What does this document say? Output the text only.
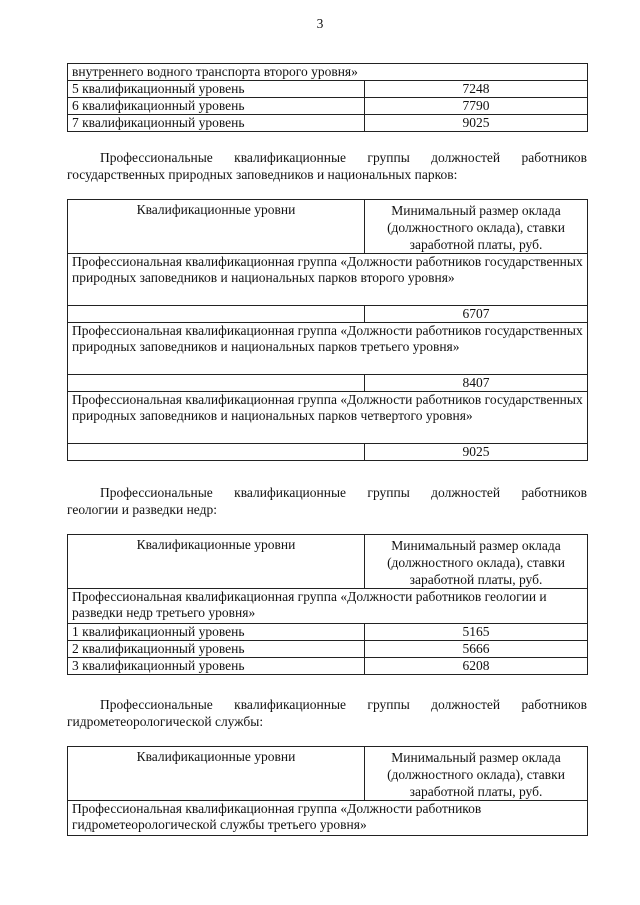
3
внутреннего водного транспорта второго уровня»	
5 квалификационный уровень	7248
6 квалификационный уровень	7790
7 квалификационный уровень	9025
Профессиональные квалификационные группы должностей работников
государственных природных заповедников и национальных парков:
Квалификационные уровни	Минимальный размер оклада (должностного оклада), ставки заработной платы, руб.
Профессиональная квалификационная группа «Должности работников государственных природных заповедников и национальных парков второго уровня»	
	6707
Профессиональная квалификационная группа «Должности работников государственных природных заповедников и национальных парков третьего уровня»	
	8407
Профессиональная квалификационная группа «Должности работников государственных природных заповедников и национальных парков четвертого уровня»	
	9025
Профессиональные квалификационные группы должностей работников
геологии и разведки недр:
Квалификационные уровни	Минимальный размер оклада (должностного оклада), ставки заработной платы, руб.
Профессиональная квалификационная группа «Должности работников геологии и разведки недр третьего уровня»	
1 квалификационный уровень	5165
2 квалификационный уровень	5666
3 квалификационный уровень	6208
Профессиональные квалификационные группы должностей работников
гидрометеорологической службы:
Квалификационные уровни	Минимальный размер оклада (должностного оклада), ставки заработной платы, руб.
Профессиональная квалификационная группа «Должности работников гидрометеорологической службы третьего уровня»
